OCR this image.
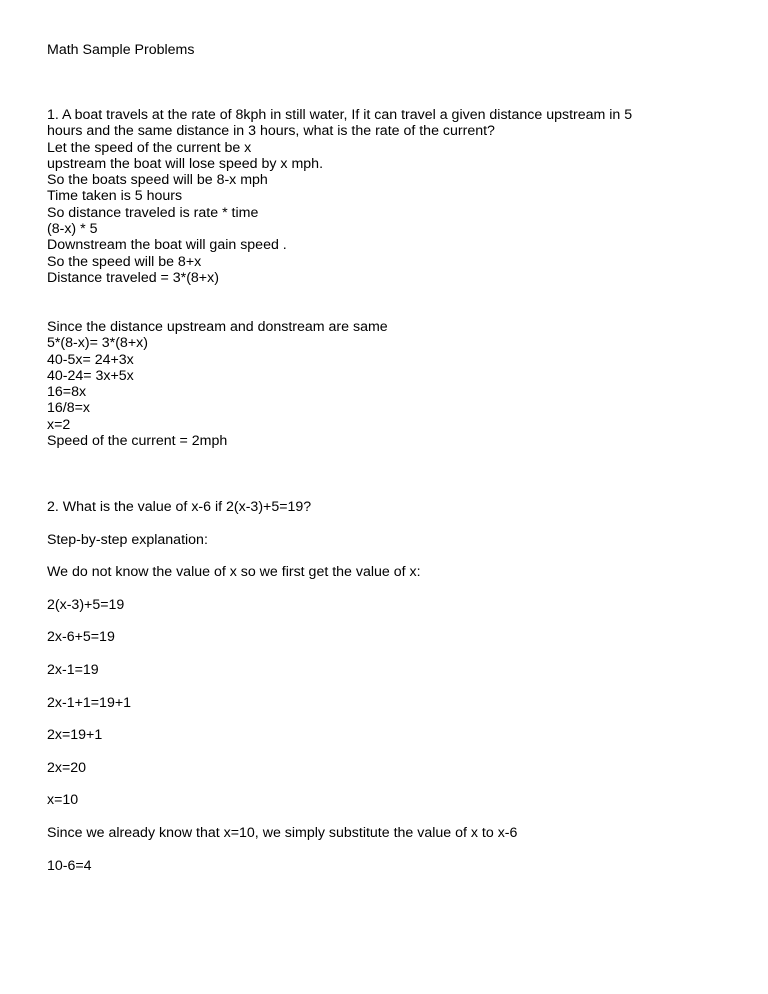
Math Sample Problems
1. A boat travels at the rate of 8kph in still water, If it can travel a given distance upstream in 5
hours and the same distance in 3 hours, what is the rate of the current?
Let the speed of the current be x
upstream the boat will lose speed by x mph.
So the boats speed will be 8-x mph
Time taken is 5 hours
So distance traveled is rate * time
(8-x) * 5
Downstream the boat will gain speed .
So the speed will be 8+x
Distance traveled = 3*(8+x)
Since the distance upstream and donstream are same
5*(8-x)= 3*(8+x)
40-5x= 24+3x
40-24= 3x+5x
16=8x
16/8=x
x=2
Speed of the current = 2mph
2. What is the value of x-6 if 2(x-3)+5=19?
Step-by-step explanation:
We do not know the value of x so we first get the value of x:
2(x-3)+5=19
2x-6+5=19
2x-1=19
2x-1+1=19+1
2x=19+1
2x=20
x=10
Since we already know that x=10, we simply substitute the value of x to x-6
10-6=4
